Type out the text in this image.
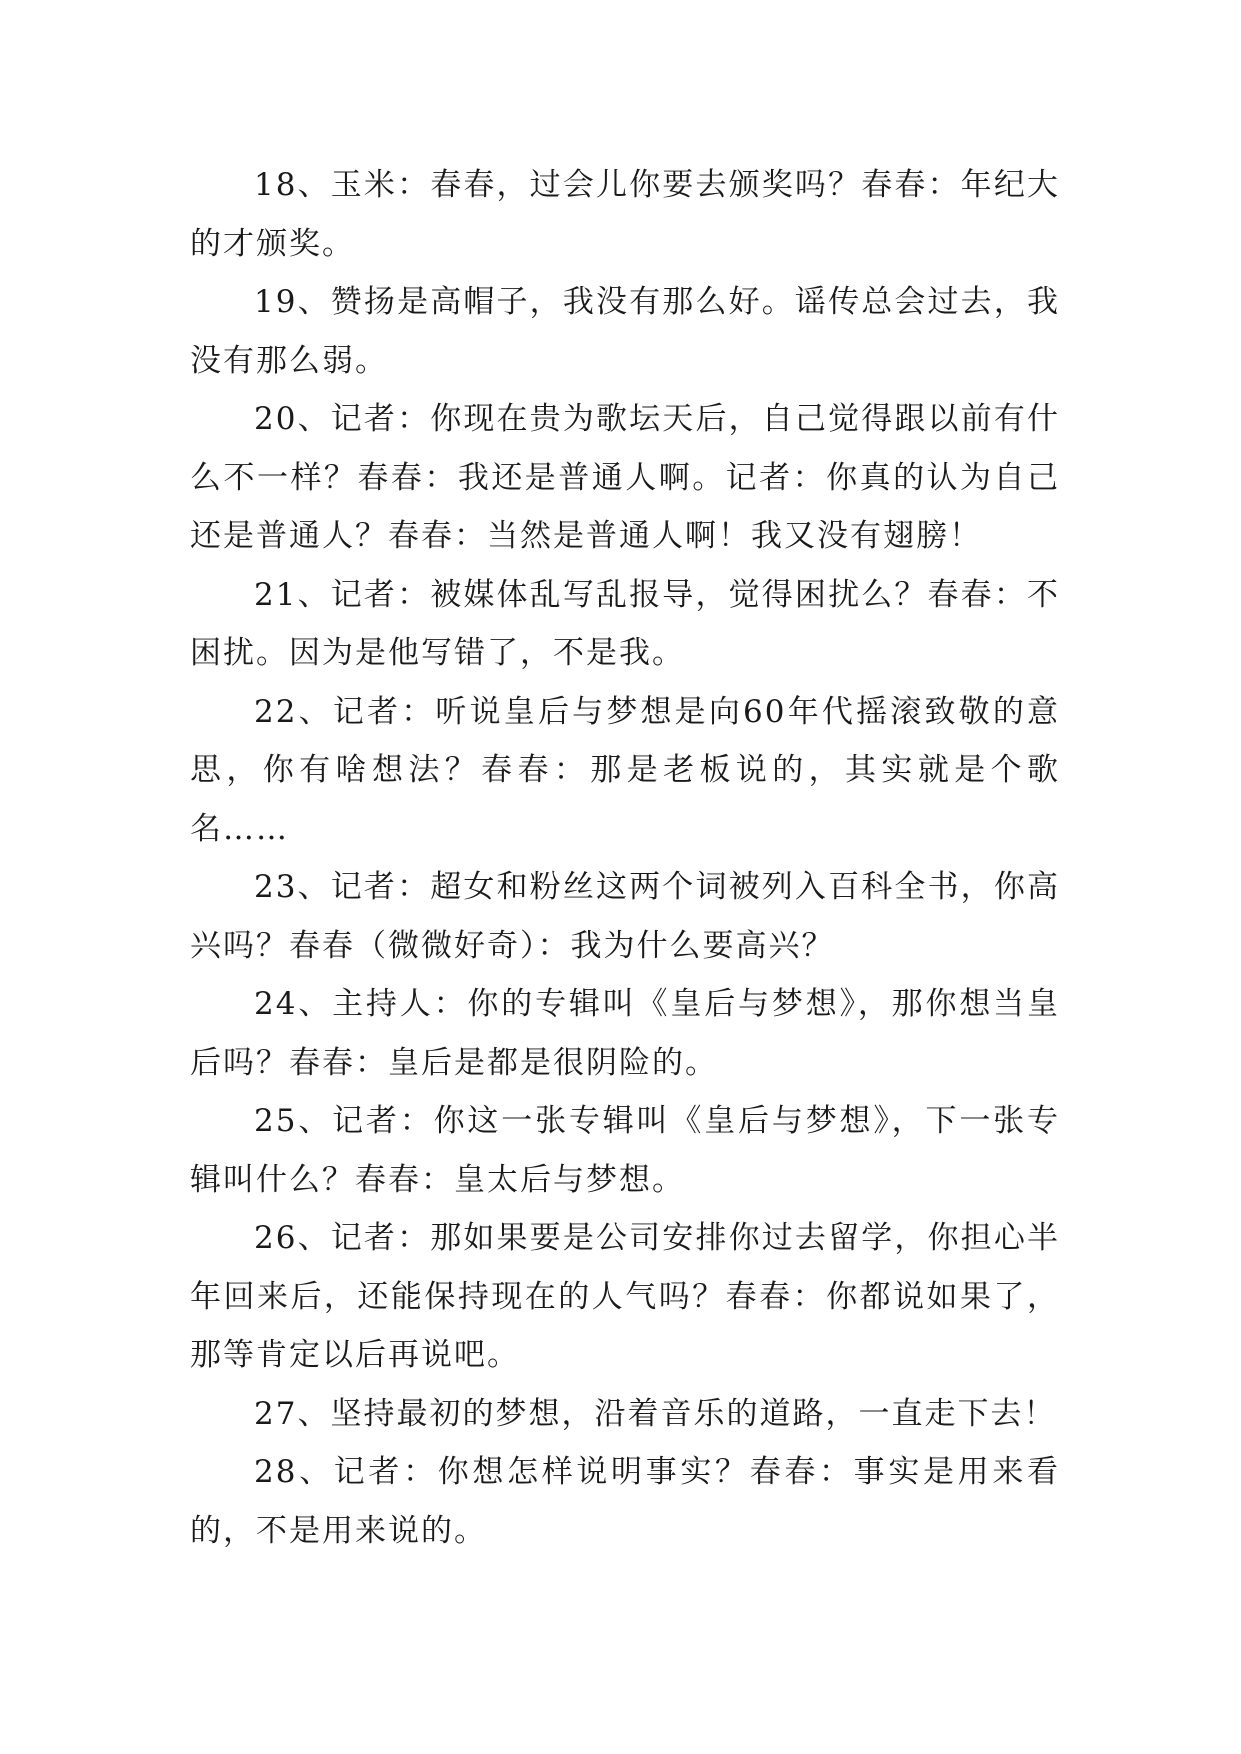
18、玉米：春春，过会儿你要去颁奖吗？春春：年纪大的才颁奖。

19、赞扬是高帽子，我没有那么好。谣传总会过去，我没有那么弱。

20、记者：你现在贵为歌坛天后，自己觉得跟以前有什么不一样？春春：我还是普通人啊。记者：你真的认为自己还是普通人？春春：当然是普通人啊！我又没有翅膀！

21、记者：被媒体乱写乱报导，觉得困扰么？春春：不困扰。因为是他写错了，不是我。

22、记者：听说皇后与梦想是向60年代摇滚致敬的意思，你有啥想法？春春：那是老板说的，其实就是个歌名……

23、记者：超女和粉丝这两个词被列入百科全书，你高兴吗？春春（微微好奇）：我为什么要高兴？

24、主持人：你的专辑叫《皇后与梦想》，那你想当皇后吗？春春：皇后是都是很阴险的。

25、记者：你这一张专辑叫《皇后与梦想》，下一张专辑叫什么？春春：皇太后与梦想。

26、记者：那如果要是公司安排你过去留学，你担心半年回来后，还能保持现在的人气吗？春春：你都说如果了，那等肯定以后再说吧。

27、坚持最初的梦想，沿着音乐的道路，一直走下去！

28、记者：你想怎样说明事实？春春：事实是用来看的，不是用来说的。
